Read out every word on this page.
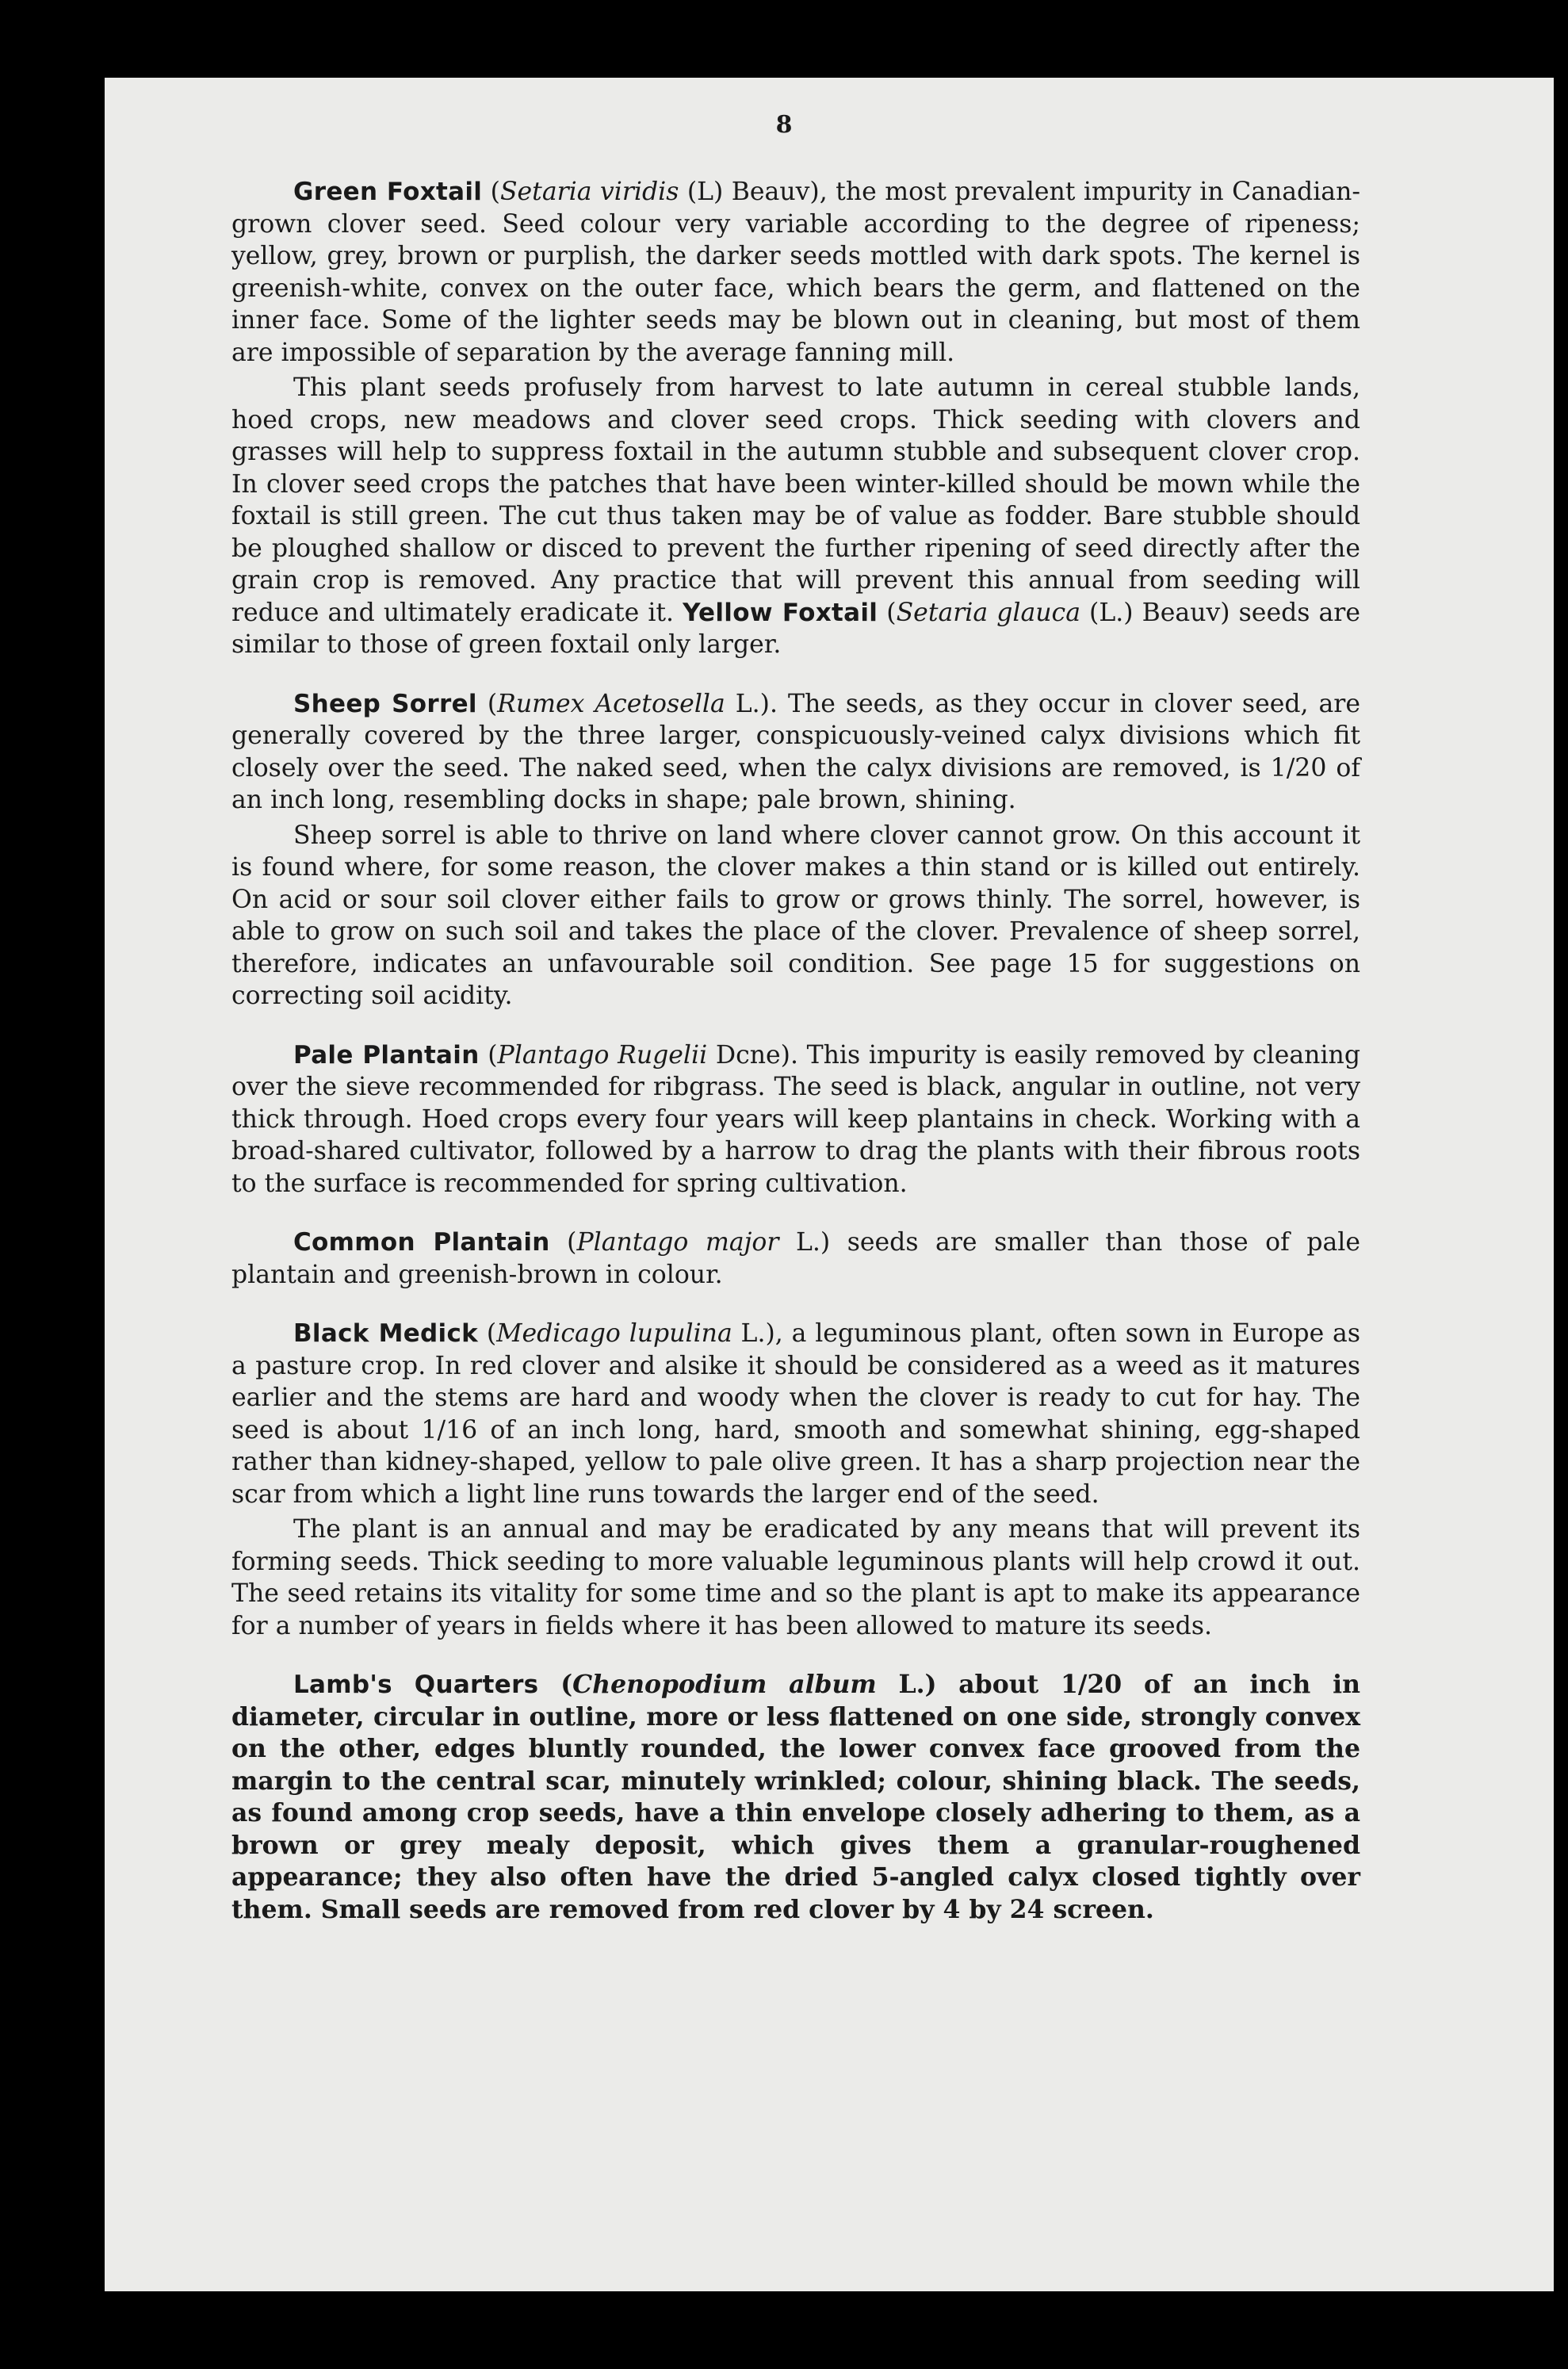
8

Green Foxtail (Setaria viridis (L) Beauv), the most prevalent impurity in Canadian-grown clover seed. Seed colour very variable according to the degree of ripeness; yellow, grey, brown or purplish, the darker seeds mottled with dark spots. The kernel is greenish-white, convex on the outer face, which bears the germ, and flattened on the inner face. Some of the lighter seeds may be blown out in cleaning, but most of them are impossible of separation by the average fanning mill.

This plant seeds profusely from harvest to late autumn in cereal stubble lands, hoed crops, new meadows and clover seed crops. Thick seeding with clovers and grasses will help to suppress foxtail in the autumn stubble and subsequent clover crop. In clover seed crops the patches that have been winter-killed should be mown while the foxtail is still green. The cut thus taken may be of value as fodder. Bare stubble should be ploughed shallow or disced to prevent the further ripening of seed directly after the grain crop is removed. Any practice that will prevent this annual from seeding will reduce and ultimately eradicate it. Yellow Foxtail (Setaria glauca (L.) Beauv) seeds are similar to those of green foxtail only larger.

Sheep Sorrel (Rumex Acetosella L.). The seeds, as they occur in clover seed, are generally covered by the three larger, conspicuously-veined calyx divisions which fit closely over the seed. The naked seed, when the calyx divisions are removed, is 1/20 of an inch long, resembling docks in shape; pale brown, shining.

Sheep sorrel is able to thrive on land where clover cannot grow. On this account it is found where, for some reason, the clover makes a thin stand or is killed out entirely. On acid or sour soil clover either fails to grow or grows thinly. The sorrel, however, is able to grow on such soil and takes the place of the clover. Prevalence of sheep sorrel, therefore, indicates an unfavourable soil condition. See page 15 for suggestions on correcting soil acidity.

Pale Plantain (Plantago Rugelii Dcne). This impurity is easily removed by cleaning over the sieve recommended for ribgrass. The seed is black, angular in outline, not very thick through. Hoed crops every four years will keep plantains in check. Working with a broad-shared cultivator, followed by a harrow to drag the plants with their fibrous roots to the surface is recommended for spring cultivation.

Common Plantain (Plantago major L.) seeds are smaller than those of pale plantain and greenish-brown in colour.

Black Medick (Medicago lupulina L.), a leguminous plant, often sown in Europe as a pasture crop. In red clover and alsike it should be considered as a weed as it matures earlier and the stems are hard and woody when the clover is ready to cut for hay. The seed is about 1/16 of an inch long, hard, smooth and somewhat shining, egg-shaped rather than kidney-shaped, yellow to pale olive green. It has a sharp projection near the scar from which a light line runs towards the larger end of the seed.

The plant is an annual and may be eradicated by any means that will prevent its forming seeds. Thick seeding to more valuable leguminous plants will help crowd it out. The seed retains its vitality for some time and so the plant is apt to make its appearance for a number of years in fields where it has been allowed to mature its seeds.

Lamb's Quarters (Chenopodium album L.) about 1/20 of an inch in diameter, circular in outline, more or less flattened on one side, strongly convex on the other, edges bluntly rounded, the lower convex face grooved from the margin to the central scar, minutely wrinkled; colour, shining black. The seeds, as found among crop seeds, have a thin envelope closely adhering to them, as a brown or grey mealy deposit, which gives them a granular-roughened appearance; they also often have the dried 5-angled calyx closed tightly over them. Small seeds are removed from red clover by 4 by 24 screen.
